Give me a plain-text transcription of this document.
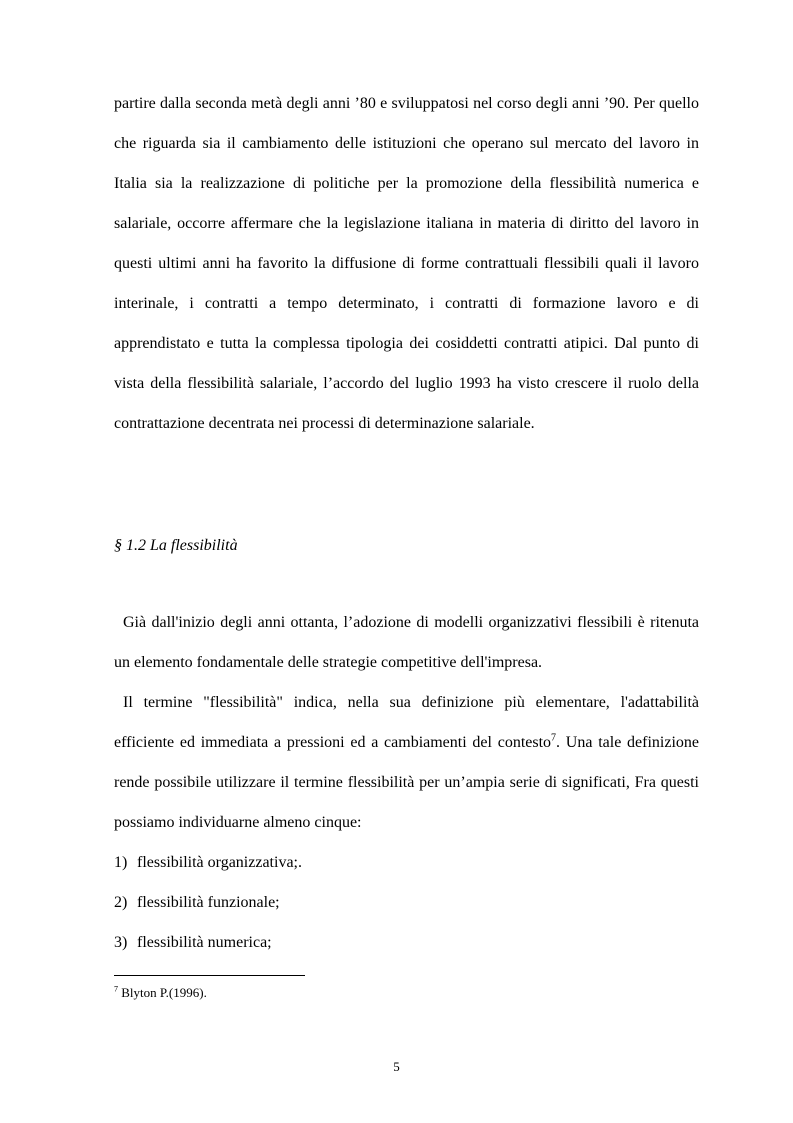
partire dalla seconda metà degli anni ’80 e sviluppatosi nel corso degli anni ’90. Per quello che riguarda sia il cambiamento delle istituzioni che operano sul mercato del lavoro in Italia sia la realizzazione di politiche per la promozione della flessibilità numerica e salariale, occorre affermare che la legislazione italiana in materia di diritto del lavoro in questi ultimi anni ha favorito la diffusione di forme contrattuali flessibili quali il lavoro interinale, i contratti a tempo determinato, i contratti di formazione lavoro e di apprendistato e tutta la complessa tipologia dei cosiddetti contratti atipici. Dal punto di vista della flessibilità salariale, l’accordo del luglio 1993 ha visto crescere il ruolo della contrattazione decentrata nei processi di determinazione salariale.

§ 1.2 La flessibilità

Già dall'inizio degli anni ottanta, l’adozione di modelli organizzativi flessibili è ritenuta un elemento fondamentale delle strategie competitive dell'impresa.

Il termine "flessibilità" indica, nella sua definizione più elementare, l'adattabilità efficiente ed immediata a pressioni ed a cambiamenti del contesto$^7$. Una tale definizione rende possibile utilizzare il termine flessibilità per un’ampia serie di significati, Fra questi possiamo individuarne almeno cinque:

1) flessibilità organizzativa;.

2) flessibilità funzionale;

3) flessibilità numerica;

$^7$ Blyton P.(1996).
5
